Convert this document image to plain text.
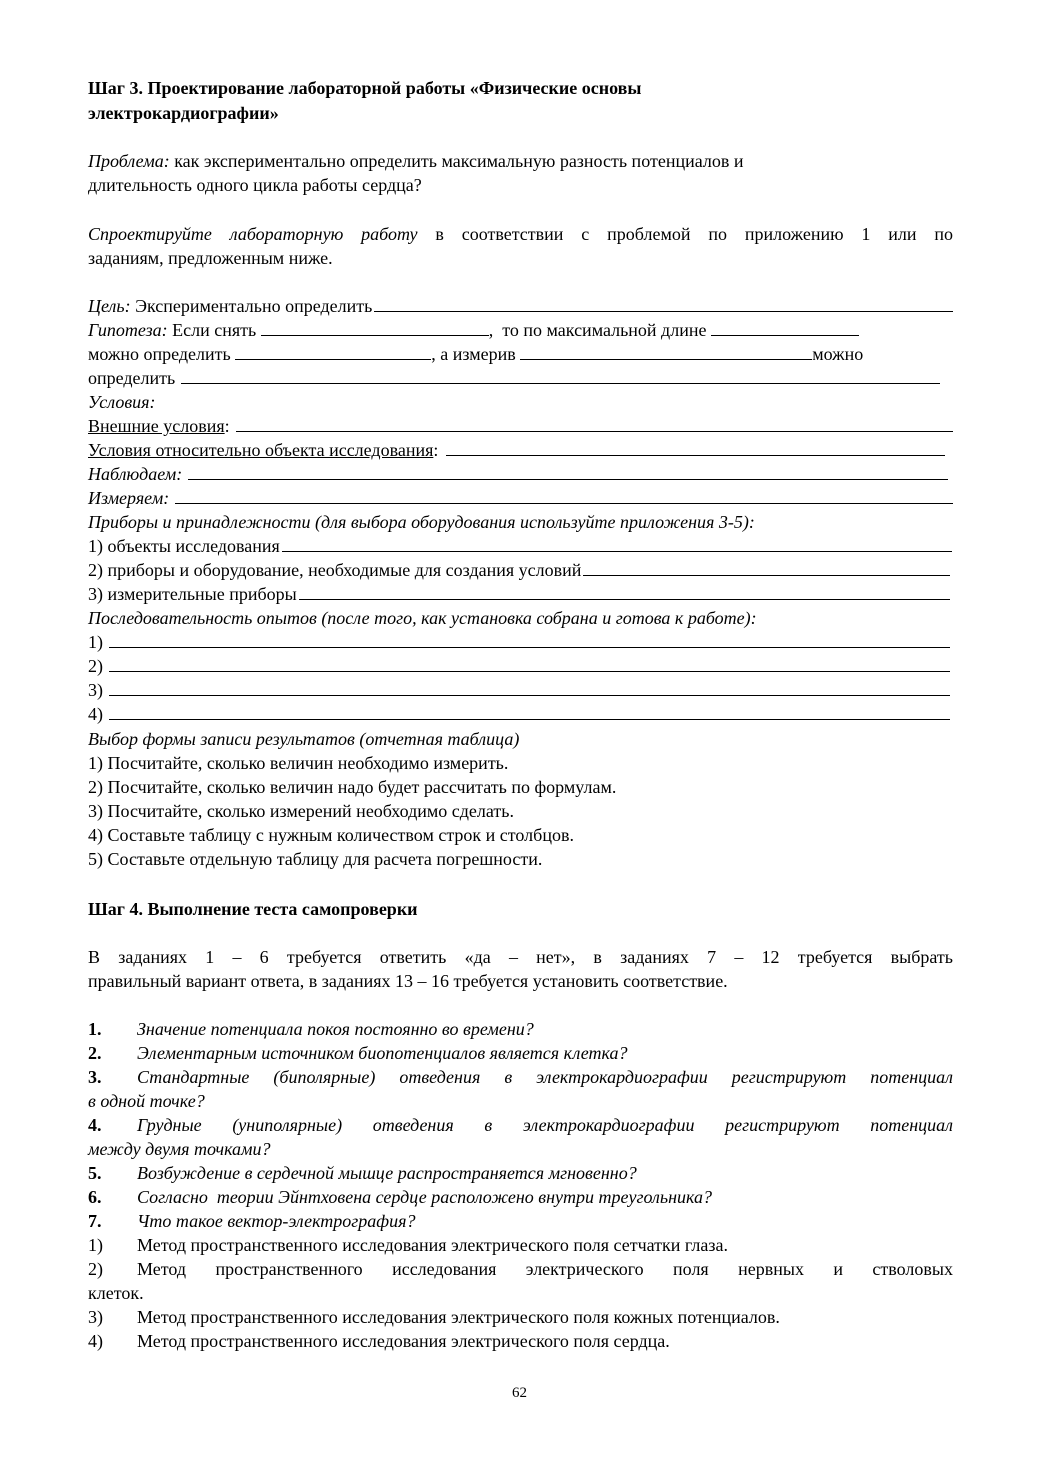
Шаг 3. Проектирование лабораторной работы «Физические основы
электрокардиографии»
Проблема: как экспериментально определить максимальную разность потенциалов и
длительность одного цикла работы сердца?
Спроектируйте лабораторную работу в соответствии с проблемой по приложению 1 или по
заданиям, предложенным ниже.
Цель: Экспериментально определить
Гипотеза: Если снять	,  то по максимальной длине
можно определить	, а измерив	можно
определить
Условия:
Внешние условия :
Условия относительно объекта исследования :
Наблюдаем:
Измеряем:
Приборы и принадлежности (для выбора оборудования используйте приложения 3-5):
1) объекты исследования
2) приборы и оборудование, необходимые для создания условий
3) измерительные приборы
Последовательность опытов (после того, как установка собрана и готова к работе):
1)
2)
3)
4)
Выбор формы записи результатов (отчетная таблица)
1) Посчитайте, сколько величин необходимо измерить.
2) Посчитайте, сколько величин надо будет рассчитать по формулам.
3) Посчитайте, сколько измерений необходимо сделать.
4) Составьте таблицу с нужным количеством строк и столбцов.
5) Составьте отдельную таблицу для расчета погрешности.
Шаг 4. Выполнение теста самопроверки
В заданиях 1 – 6 требуется ответить «да – нет», в заданиях 7 – 12 требуется выбрать
правильный вариант ответа, в заданиях 13 – 16 требуется установить соответствие.
1. Значение потенциала покоя постоянно во времени?
2. Элементарным источником биопотенциалов является клетка?
3. Стандартные (биполярные) отведения в электрокардиографии регистрируют потенциал
в одной точке?
4. Грудные (униполярные) отведения в электрокардиографии регистрируют потенциал
между двумя точками?
5. Возбуждение в сердечной мышце распространяется мгновенно?
6. Согласно  теории Эйнтховена сердце расположено внутри треугольника?
7. Что такое вектор-электрография?
1) Метод пространственного исследования электрического поля сетчатки глаза.
2) Метод пространственного исследования электрического поля нервных и стволовых
клеток.
3) Метод пространственного исследования электрического поля кожных потенциалов.
4) Метод пространственного исследования электрического поля сердца.
62
